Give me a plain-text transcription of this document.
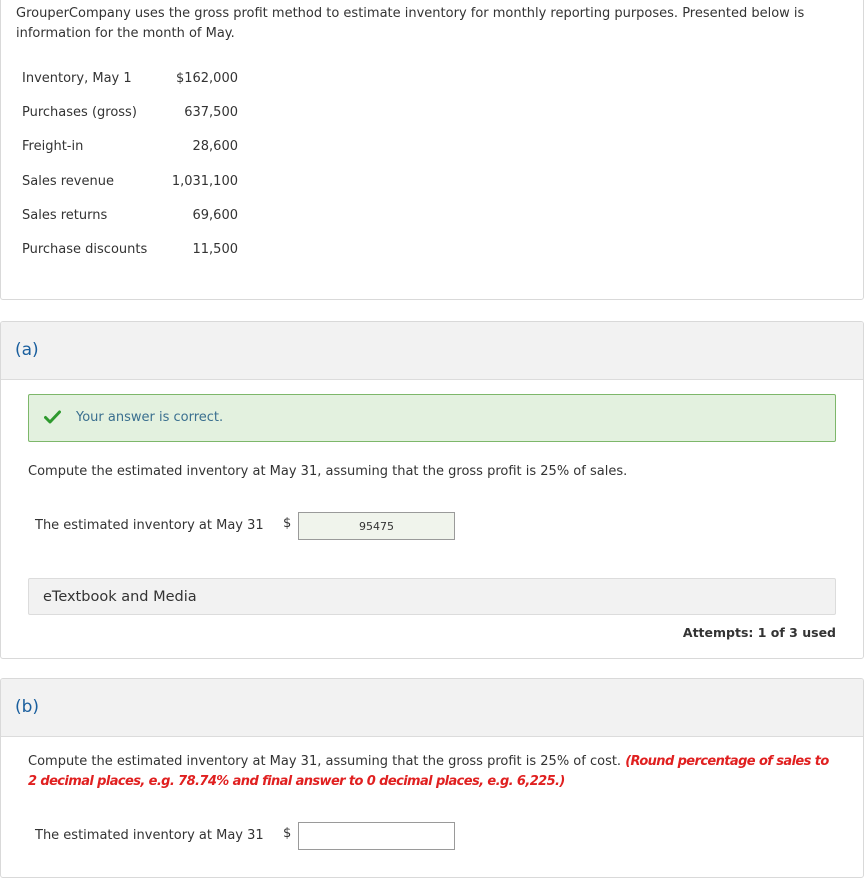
GrouperCompany uses the gross profit method to estimate inventory for monthly reporting purposes. Presented below is information for the month of May.

Inventory, May 1	$162,000
Purchases (gross)	637,500
Freight-in	28,600
Sales revenue	1,031,100
Sales returns	69,600
Purchase discounts	11,500
(a)
Your answer is correct.

Compute the estimated inventory at May 31, assuming that the gross profit is 25% of sales.

The estimated inventory at May 31 $
95475
eTextbook and Media
Attempts: 1 of 3 used
(b)

Compute the estimated inventory at May 31, assuming that the gross profit is 25% of cost. (Round percentage of sales to 2 decimal places, e.g. 78.74% and final answer to 0 decimal places, e.g. 6,225.)

The estimated inventory at May 31 $
